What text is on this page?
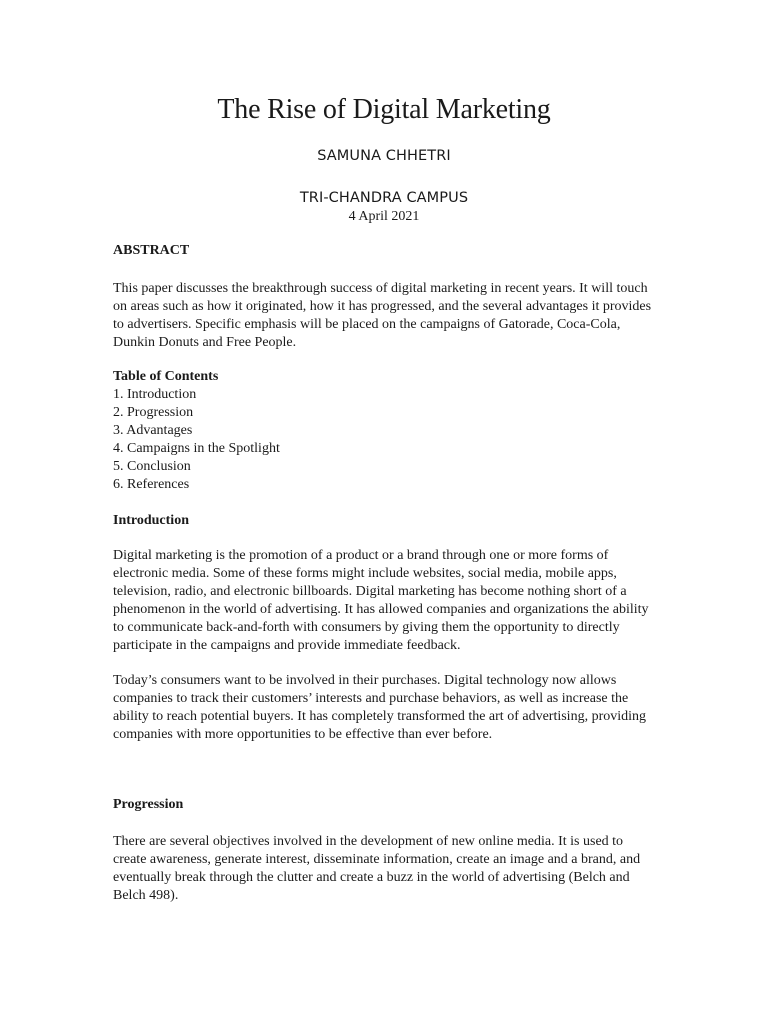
The Rise of Digital Marketing
SAMUNA CHHETRI
TRI-CHANDRA CAMPUS
4 April 2021
ABSTRACT

This paper discusses the breakthrough success of digital marketing in recent years. It will touch on areas such as how it originated, how it has progressed, and the several advantages it provides to advertisers. Specific emphasis will be placed on the campaigns of Gatorade, Coca-Cola, Dunkin Donuts and Free People.

Table of Contents
1. Introduction
2. Progression
3. Advantages
4. Campaigns in the Spotlight
5. Conclusion
6. References
Introduction

Digital marketing is the promotion of a product or a brand through one or more forms of electronic media. Some of these forms might include websites, social media, mobile apps, television, radio, and electronic billboards. Digital marketing has become nothing short of a phenomenon in the world of advertising. It has allowed companies and organizations the ability to communicate back-and-forth with consumers by giving them the opportunity to directly participate in the campaigns and provide immediate feedback.

Today’s consumers want to be involved in their purchases. Digital technology now allows companies to track their customers’ interests and purchase behaviors, as well as increase the ability to reach potential buyers. It has completely transformed the art of advertising, providing companies with more opportunities to be effective than ever before.

Progression

There are several objectives involved in the development of new online media. It is used to create awareness, generate interest, disseminate information, create an image and a brand, and eventually break through the clutter and create a buzz in the world of advertising (Belch and Belch 498).
